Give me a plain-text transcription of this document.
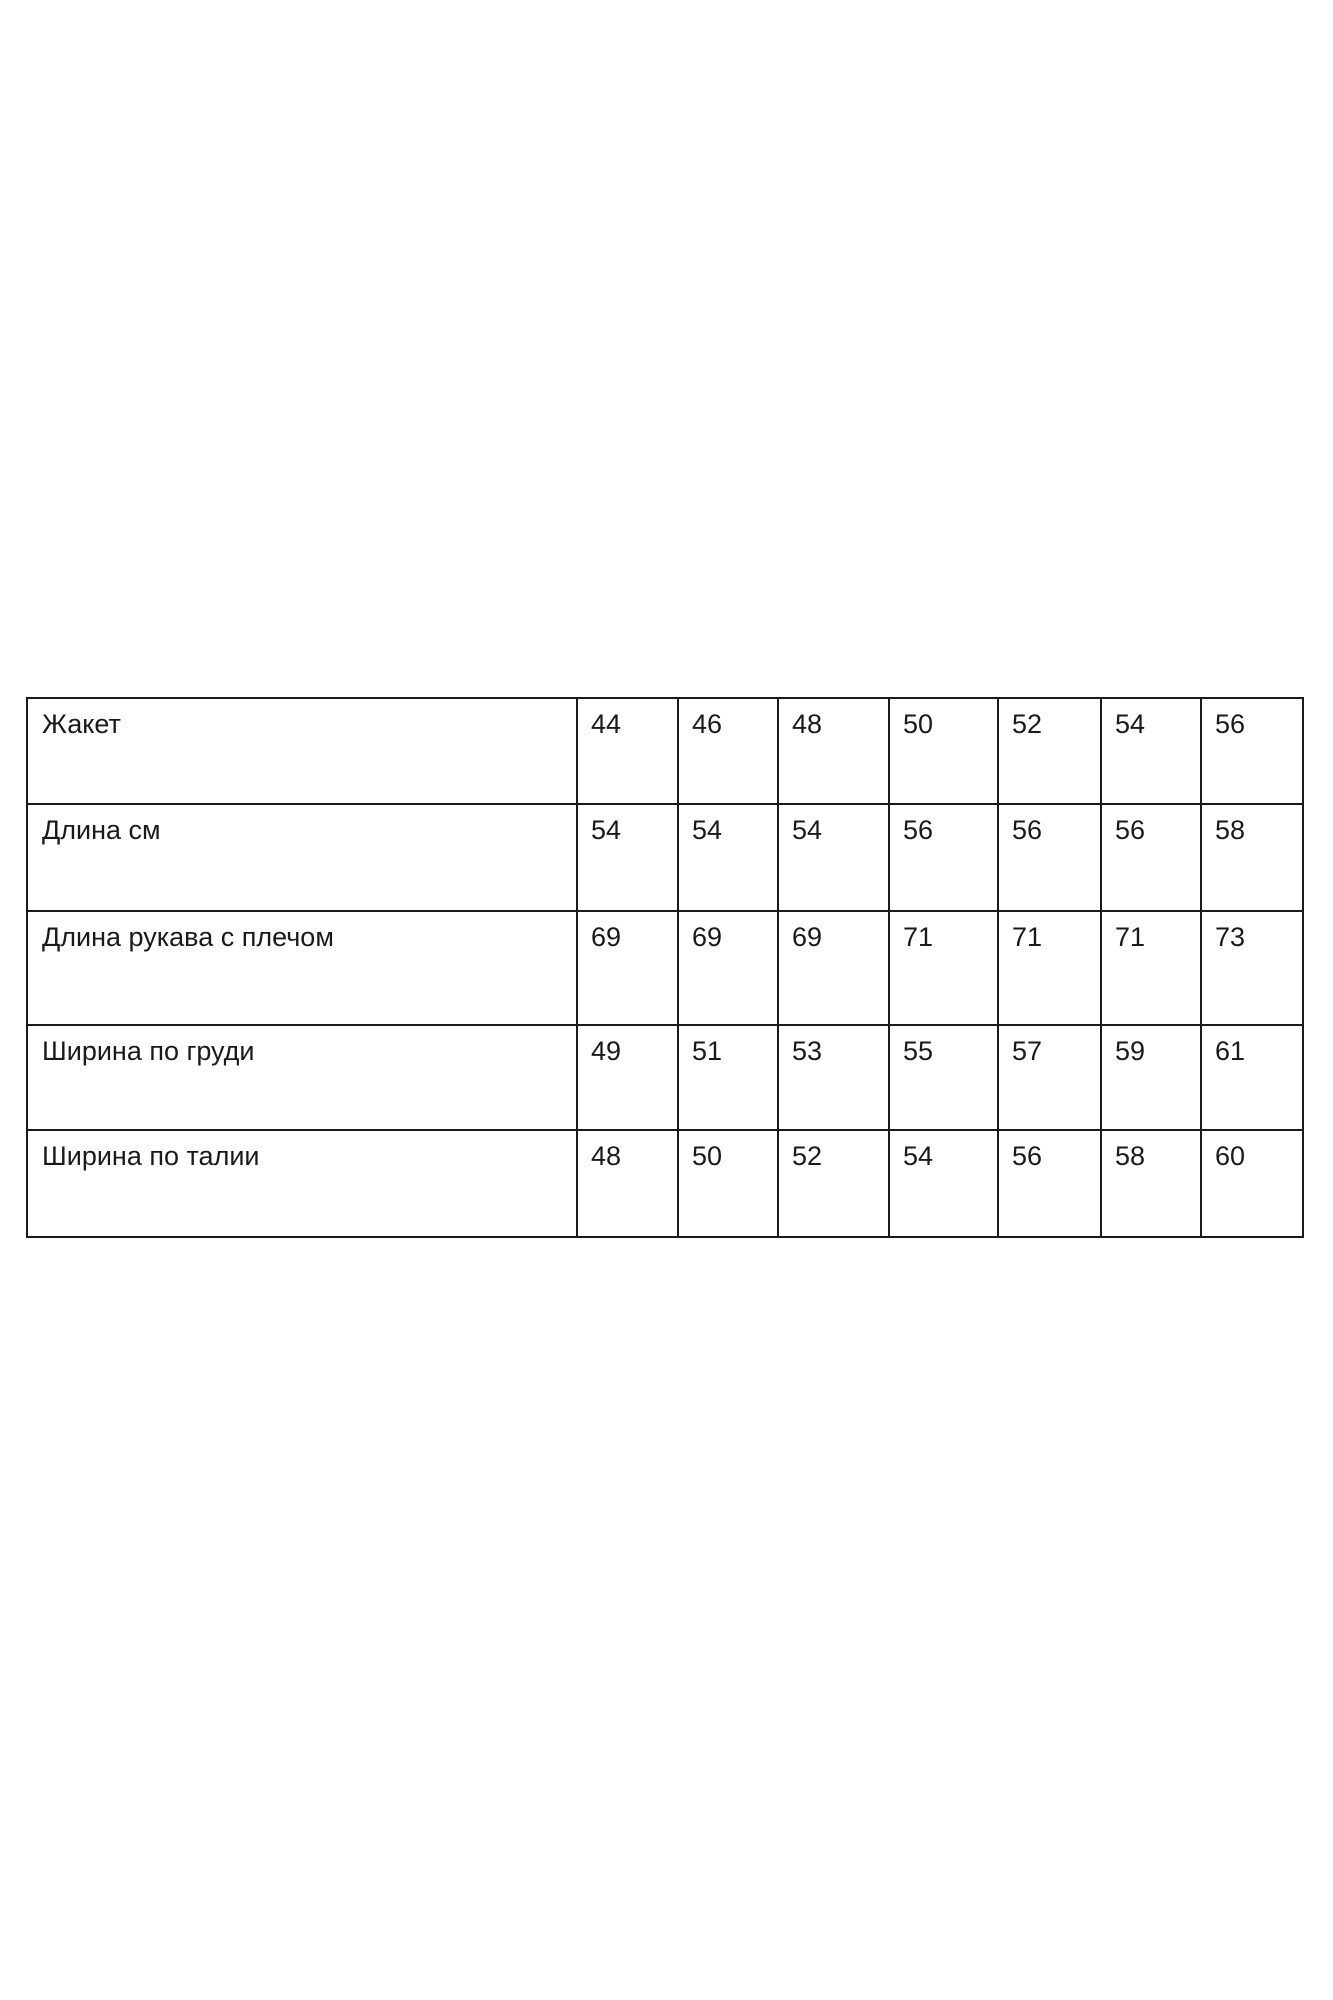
Жакет	44	46	48	50	52	54	56
Длина см	54	54	54	56	56	56	58
Длина рукава с плечом	69	69	69	71	71	71	73
Ширина по груди	49	51	53	55	57	59	61
Ширина по талии	48	50	52	54	56	58	60
